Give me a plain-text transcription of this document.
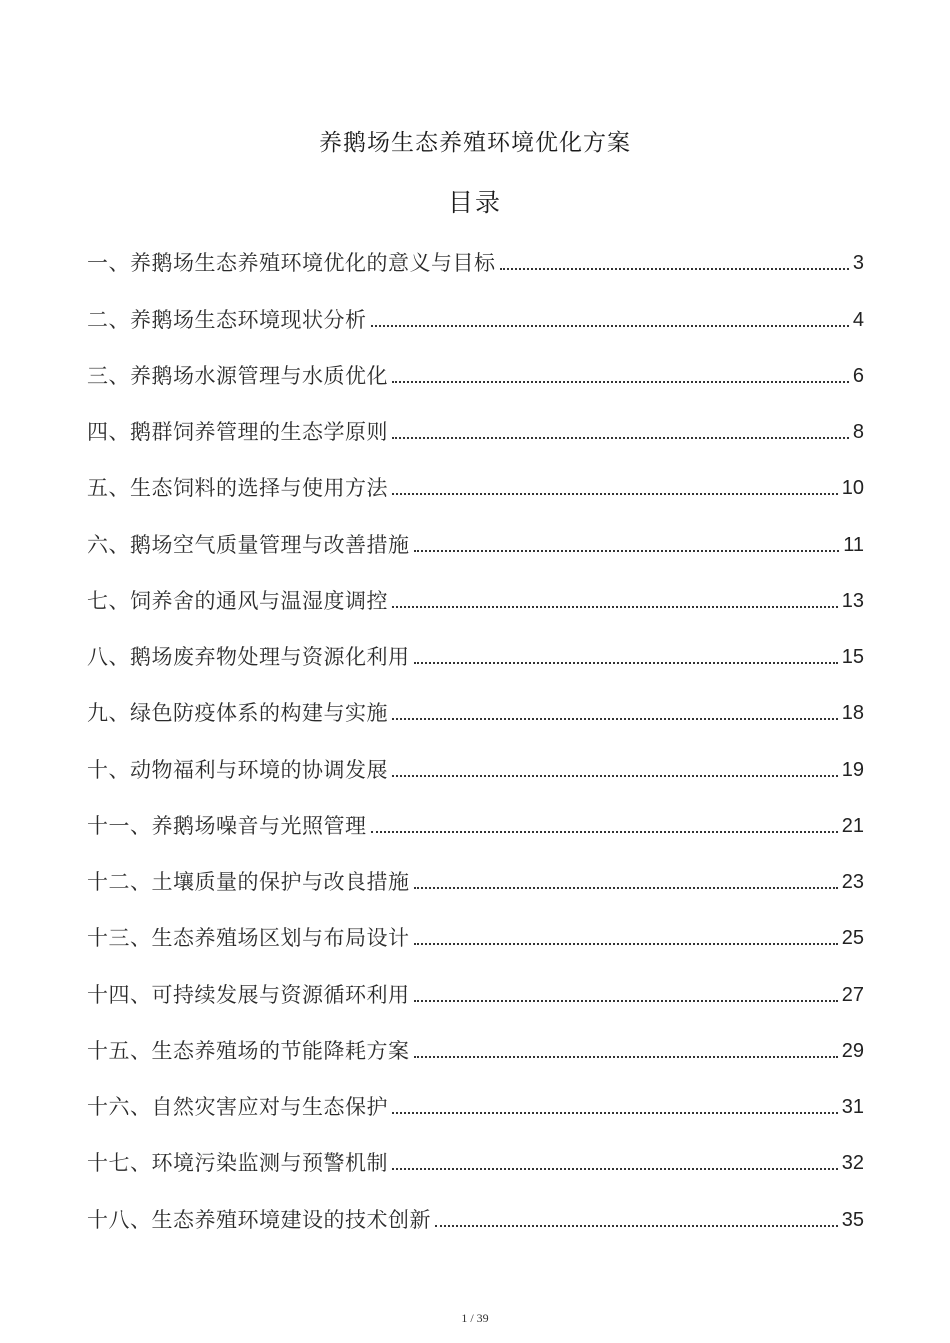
养鹅场生态养殖环境优化方案
目录
一、养鹅场生态养殖环境优化的意义与目标	3
二、养鹅场生态环境现状分析	4
三、养鹅场水源管理与水质优化	6
四、鹅群饲养管理的生态学原则	8
五、生态饲料的选择与使用方法	10
六、鹅场空气质量管理与改善措施	11
七、饲养舍的通风与温湿度调控	13
八、鹅场废弃物处理与资源化利用	15
九、绿色防疫体系的构建与实施	18
十、动物福利与环境的协调发展	19
十一、养鹅场噪音与光照管理	21
十二、土壤质量的保护与改良措施	23
十三、生态养殖场区划与布局设计	25
十四、可持续发展与资源循环利用	27
十五、生态养殖场的节能降耗方案	29
十六、自然灾害应对与生态保护	31
十七、环境污染监测与预警机制	32
十八、生态养殖环境建设的技术创新	35
1 / 39
